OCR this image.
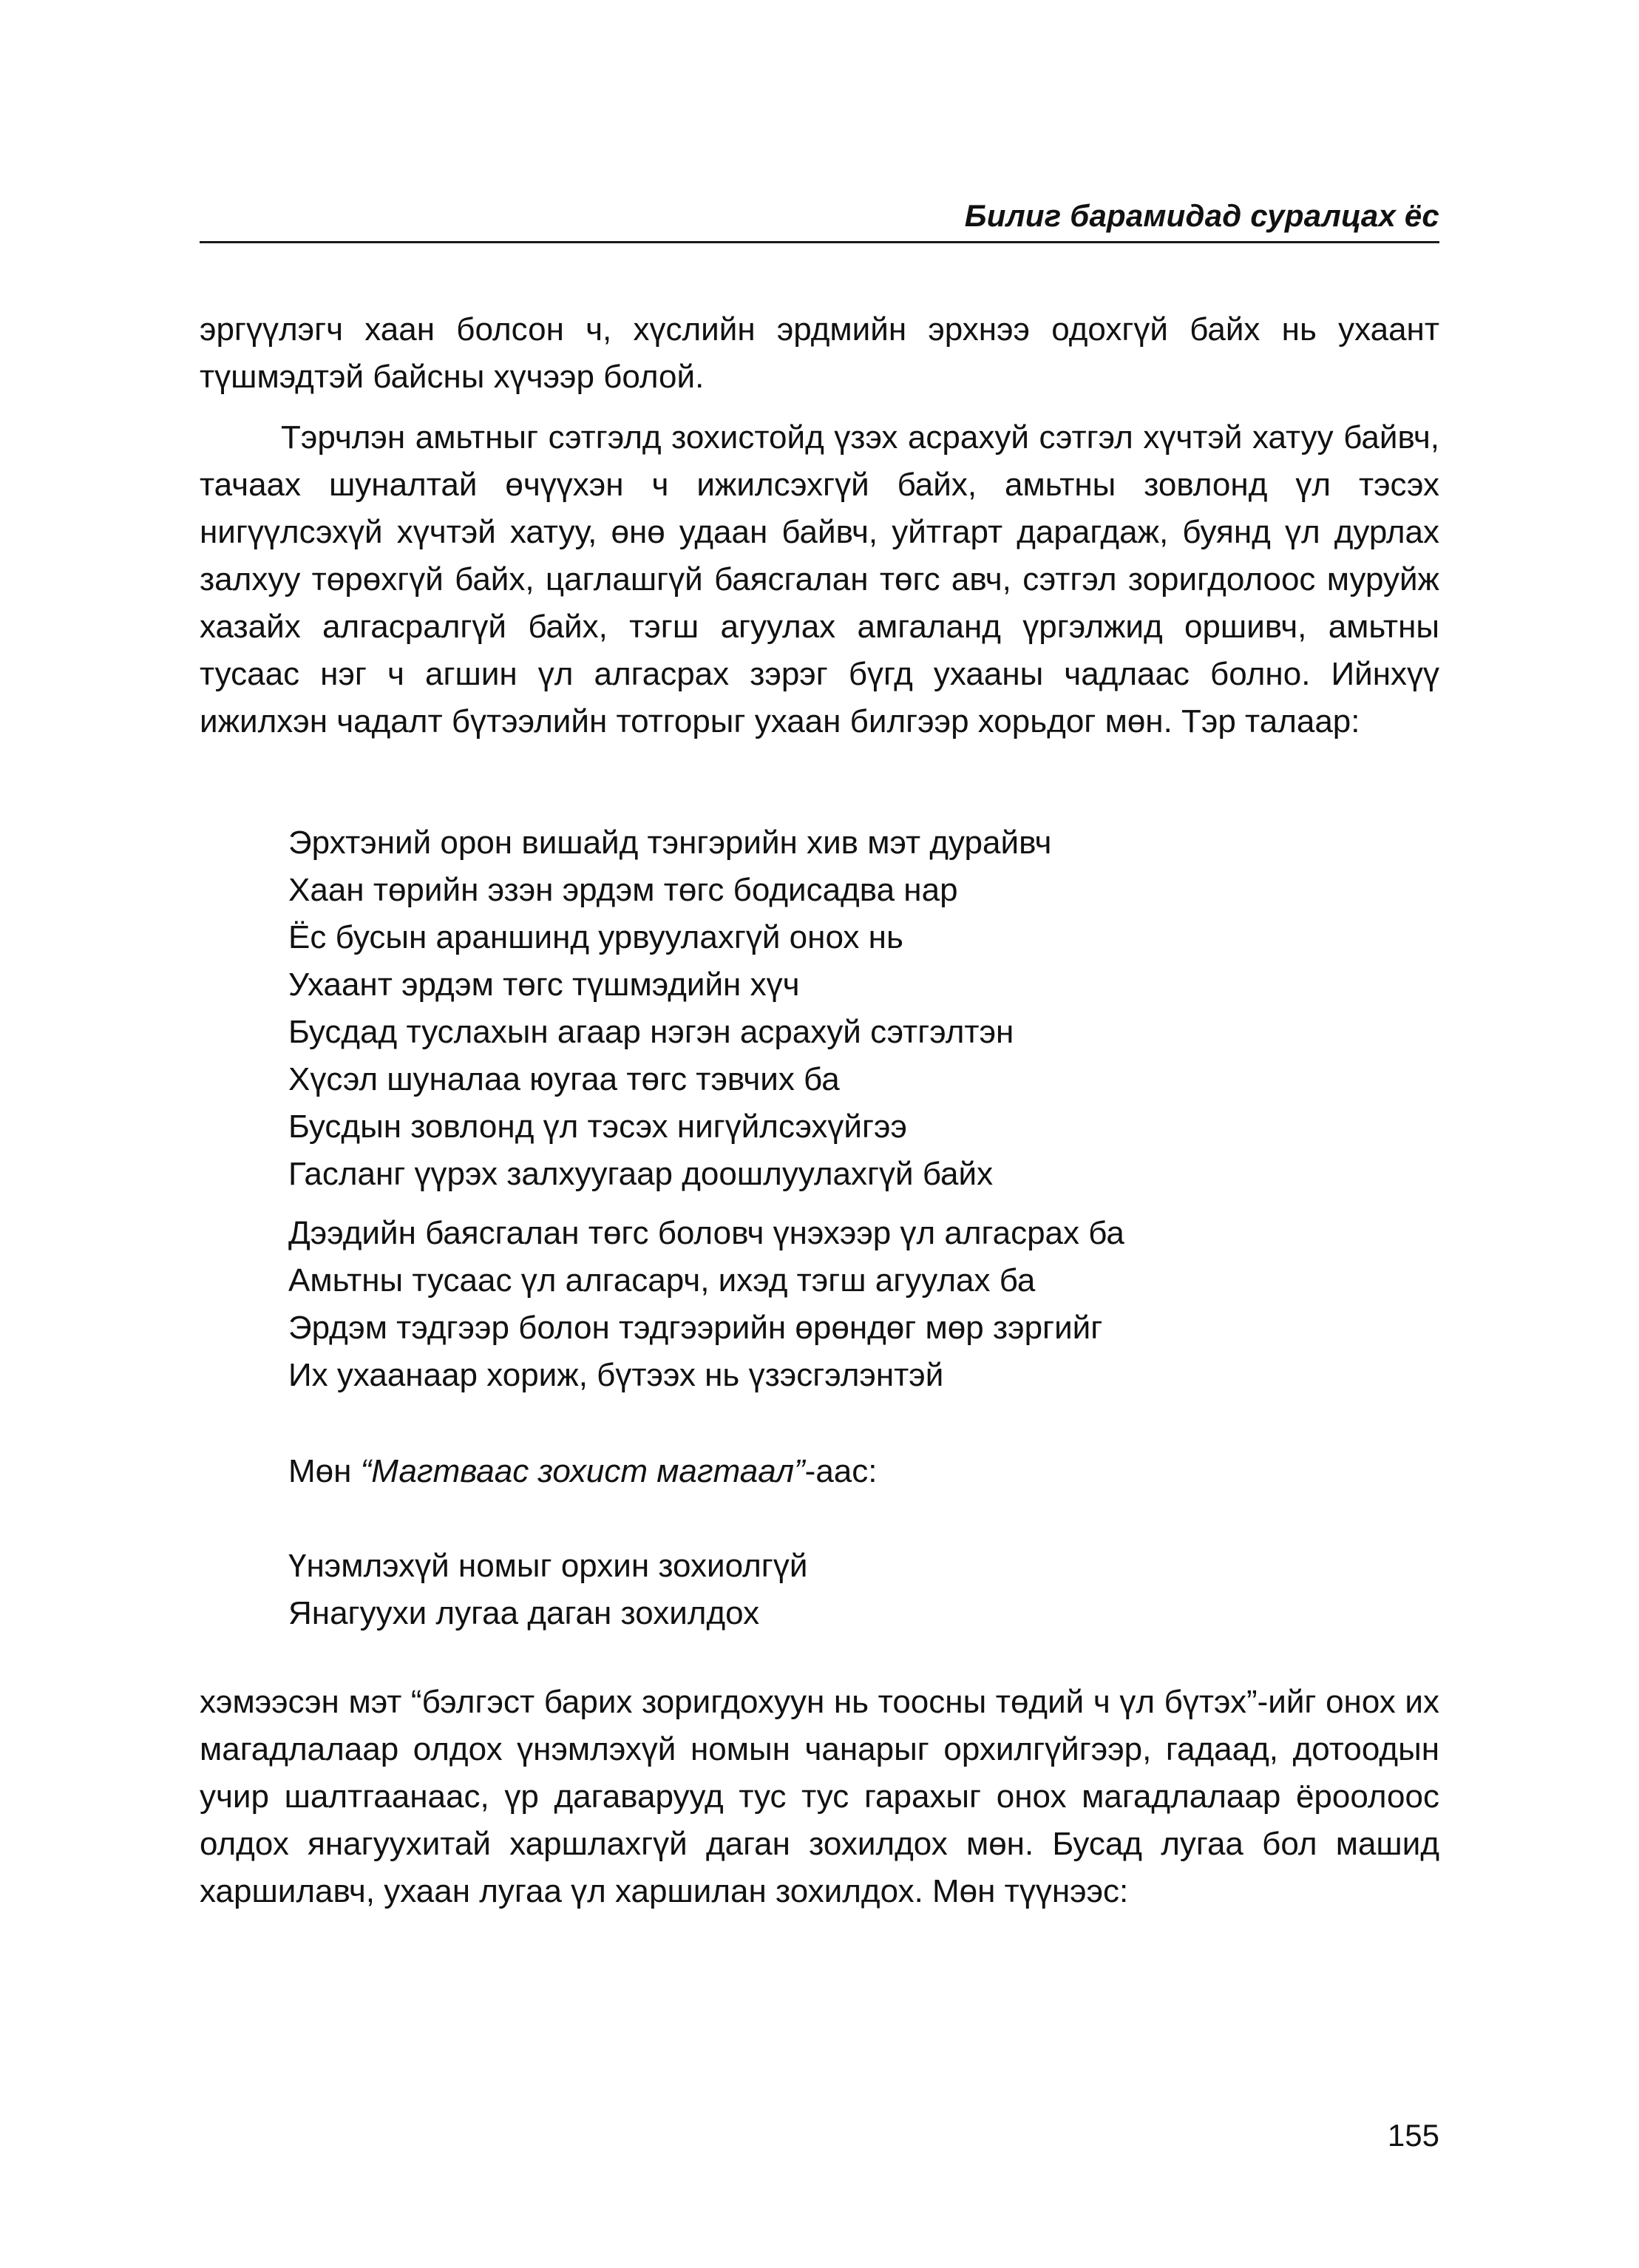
Билиг барамидад суралцах ёс

эргүүлэгч хаан болсон ч, хүслийн эрдмийн эрхнээ одохгүй байх нь ухаант түшмэдтэй байсны хүчээр болой.

Тэрчлэн амьтныг сэтгэлд зохистойд үзэх асрахуй сэтгэл хүчтэй хатуу байвч, тачаах шуналтай өчүүхэн ч ижилсэхгүй байх, амьтны зовлонд үл тэсэх нигүүлсэхүй хүчтэй хатуу, өнө удаан байвч, уйтгарт дарагдаж, буянд үл дурлах залхуу төрөхгүй байх, цаглашгүй баясгалан төгс авч, сэтгэл зоригдолоос муруйж хазайх алгасралгүй байх, тэгш агуулах амгаланд үргэлжид оршивч, амьтны тусаас нэг ч агшин үл алгасрах зэрэг бүгд ухааны чадлаас болно. Ийнхүү ижилхэн чадалт бүтээлийн тотгорыг ухаан билгээр хорьдог мөн. Тэр талаар:

Эрхтэний орон вишайд тэнгэрийн хив мэт дурайвч
Хаан төрийн эзэн эрдэм төгс бодисадва нар
Ёс бусын араншинд урвуулахгүй онох нь
Ухаант эрдэм төгс түшмэдийн хүч
Бусдад туслахын агаар нэгэн асрахуй сэтгэлтэн
Хүсэл шуналаа юугаа төгс тэвчих ба
Бусдын зовлонд үл тэсэх нигүйлсэхүйгээ
Гасланг үүрэх залхуугаар доошлуулахгүй байх
Дээдийн баясгалан төгс боловч үнэхээр үл алгасрах ба
Амьтны тусаас үл алгасарч, ихэд тэгш агуулах ба
Эрдэм тэдгээр болон тэдгээрийн өрөндөг мөр зэргийг
Их ухаанаар хориж, бүтээх нь үзэсгэлэнтэй
Мөн “Магтваас зохист магтаал”-аас:
Үнэмлэхүй номыг орхин зохиолгүй
Янагуухи лугаа даган зохилдох

хэмээсэн мэт “бэлгэст барих зоригдохуун нь тоосны төдий ч үл бүтэх”-ийг онох их магадлалаар олдох үнэмлэхүй номын чанарыг орхилгүйгээр, гадаад, дотоодын учир шалтгаанаас, үр дагаварууд тус тус гарахыг онох магадлалаар ёроолоос олдох янагуухитай харшлахгүй даган зохилдох мөн. Бусад лугаа бол машид харшилавч, ухаан лугаа үл харшилан зохилдох. Мөн түүнээс:

155
